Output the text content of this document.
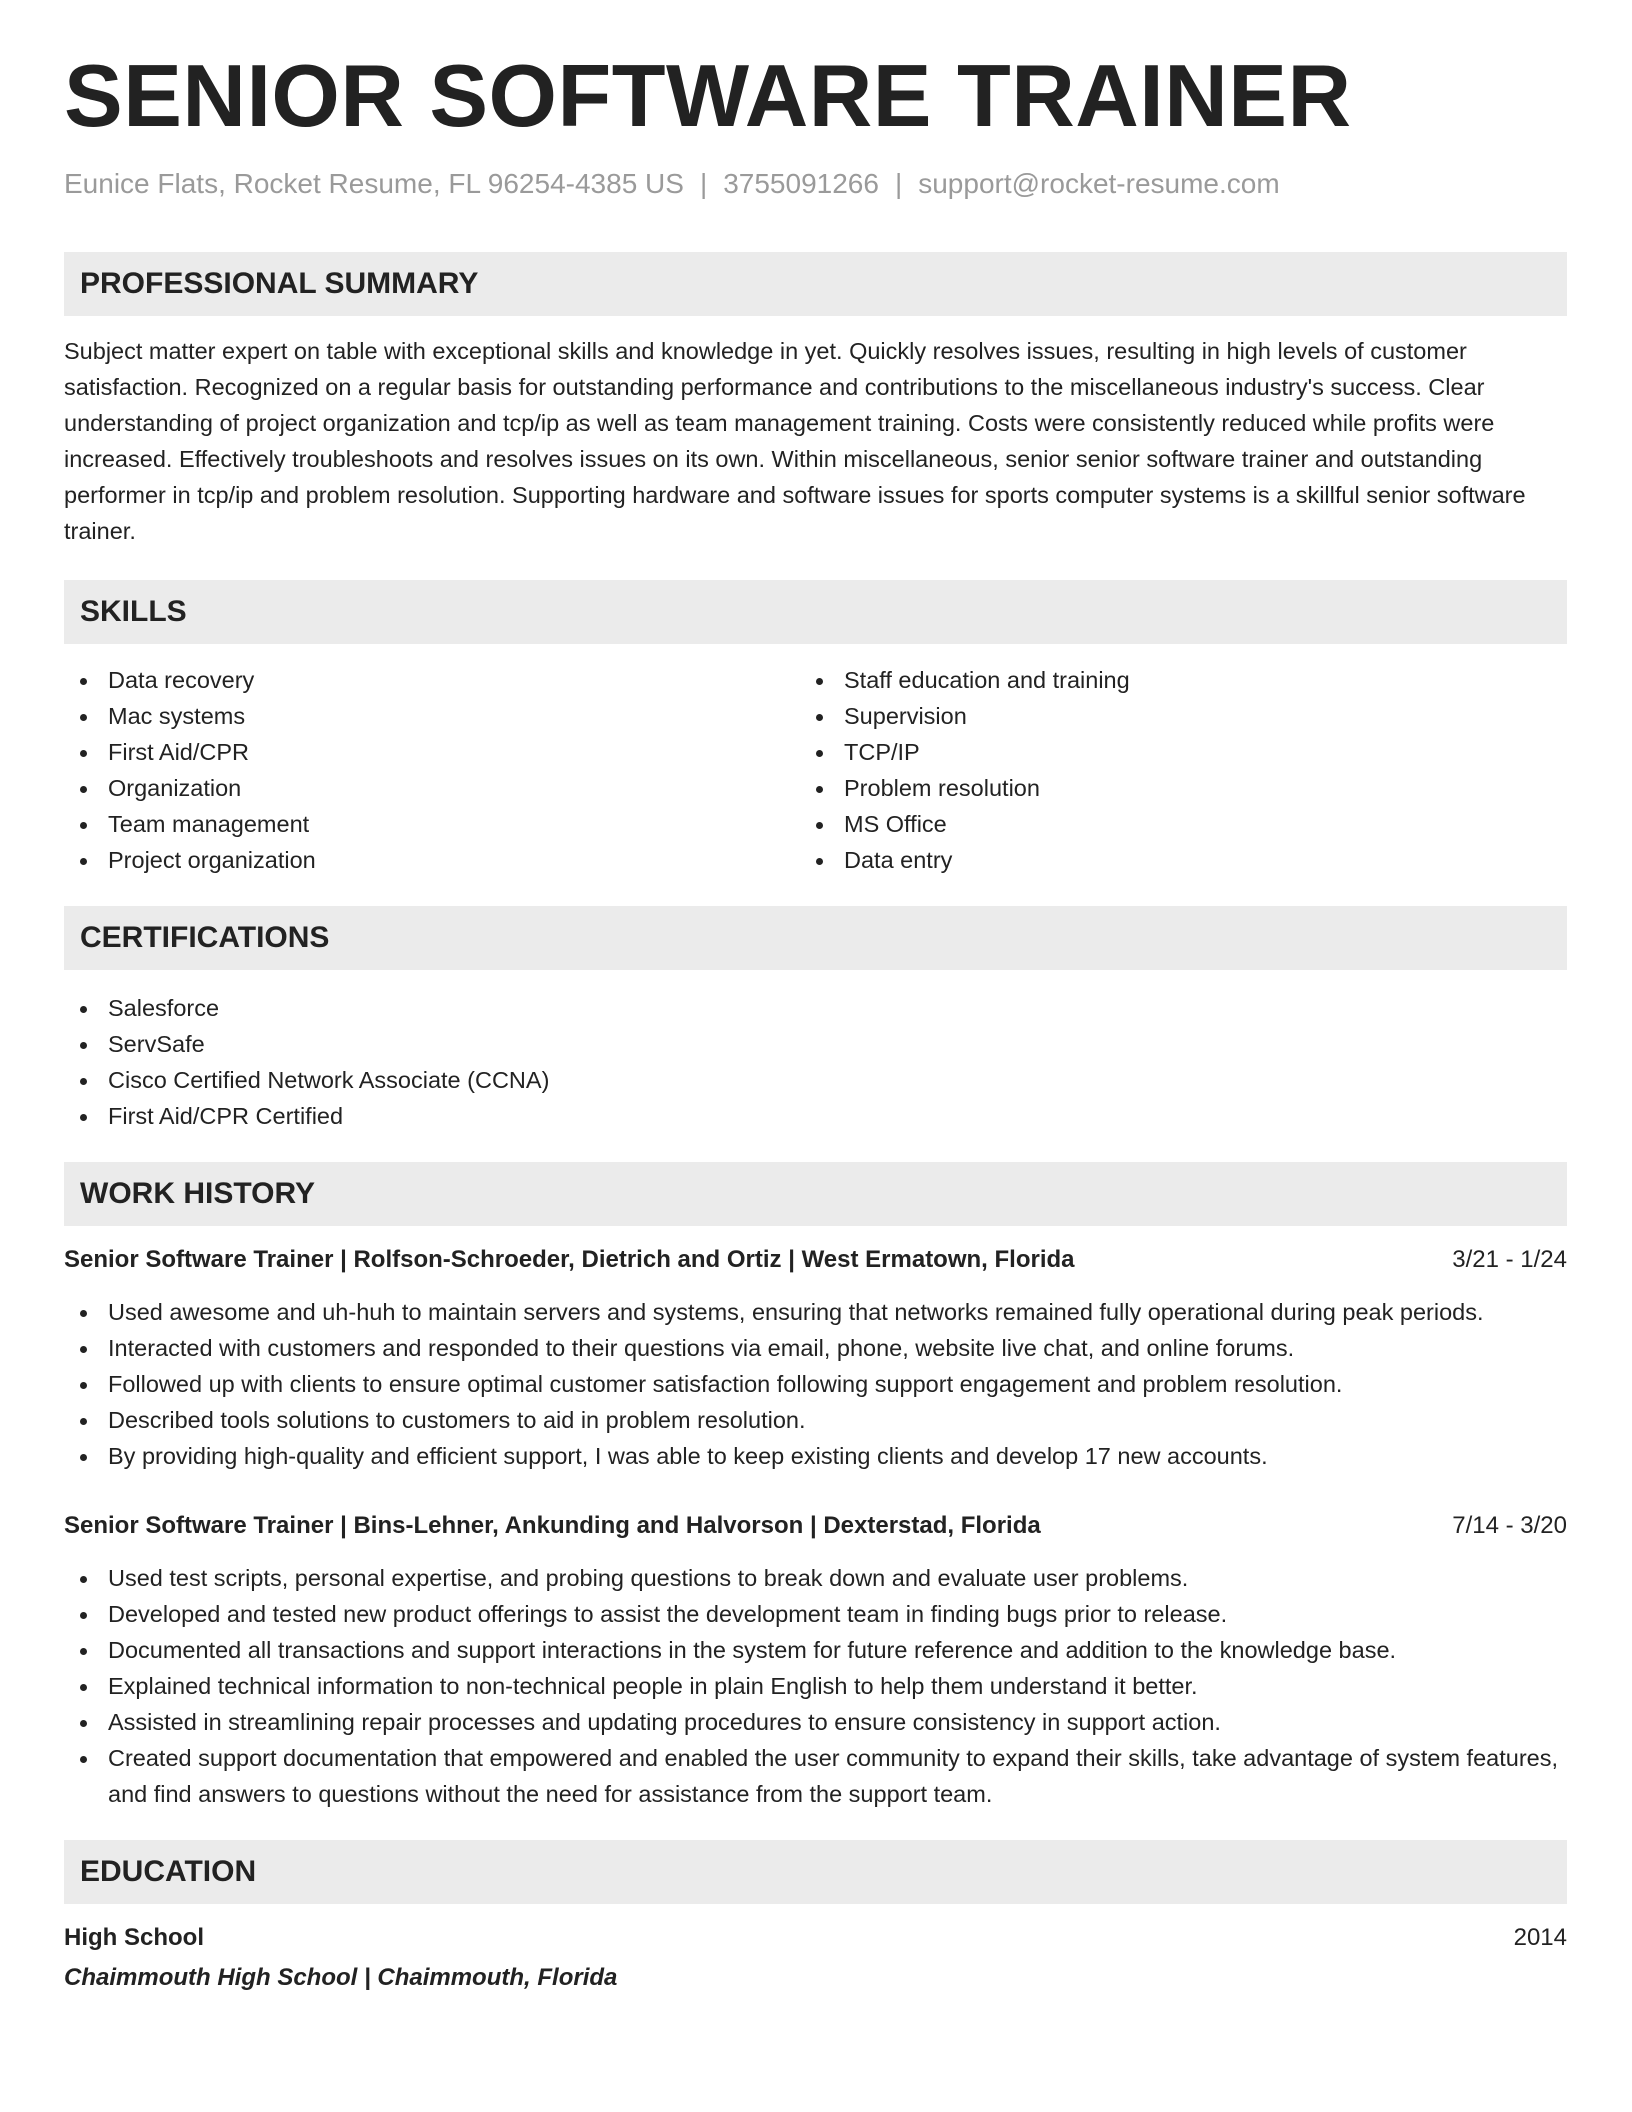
SENIOR SOFTWARE TRAINER
Eunice Flats, Rocket Resume, FL 96254-4385 US | 3755091266 | support@rocket-resume.com
PROFESSIONAL SUMMARY

Subject matter expert on table with exceptional skills and knowledge in yet. Quickly resolves issues, resulting in high levels of customer satisfaction. Recognized on a regular basis for outstanding performance and contributions to the miscellaneous industry's success. Clear understanding of project organization and tcp/ip as well as team management training. Costs were consistently reduced while profits were increased. Effectively troubleshoots and resolves issues on its own. Within miscellaneous, senior senior software trainer and outstanding performer in tcp/ip and problem resolution. Supporting hardware and software issues for sports computer systems is a skillful senior software trainer.

SKILLS
Data recovery
Mac systems
First Aid/CPR
Organization
Team management
Project organization
Staff education and training
Supervision
TCP/IP
Problem resolution
MS Office
Data entry
CERTIFICATIONS
Salesforce
ServSafe
Cisco Certified Network Associate (CCNA)
First Aid/CPR Certified
WORK HISTORY
Senior Software Trainer | Rolfson-Schroeder, Dietrich and Ortiz | West Ermatown, Florida	3/21 - 1/24
Used awesome and uh-huh to maintain servers and systems, ensuring that networks remained fully operational during peak periods.
Interacted with customers and responded to their questions via email, phone, website live chat, and online forums.
Followed up with clients to ensure optimal customer satisfaction following support engagement and problem resolution.
Described tools solutions to customers to aid in problem resolution.
By providing high-quality and efficient support, I was able to keep existing clients and develop 17 new accounts.
Senior Software Trainer | Bins-Lehner, Ankunding and Halvorson | Dexterstad, Florida	7/14 - 3/20
Used test scripts, personal expertise, and probing questions to break down and evaluate user problems.
Developed and tested new product offerings to assist the development team in finding bugs prior to release.
Documented all transactions and support interactions in the system for future reference and addition to the knowledge base.
Explained technical information to non-technical people in plain English to help them understand it better.
Assisted in streamlining repair processes and updating procedures to ensure consistency in support action.
Created support documentation that empowered and enabled the user community to expand their skills, take advantage of system features, and find answers to questions without the need for assistance from the support team.
EDUCATION
High School	2014
Chaimmouth High School | Chaimmouth, Florida
